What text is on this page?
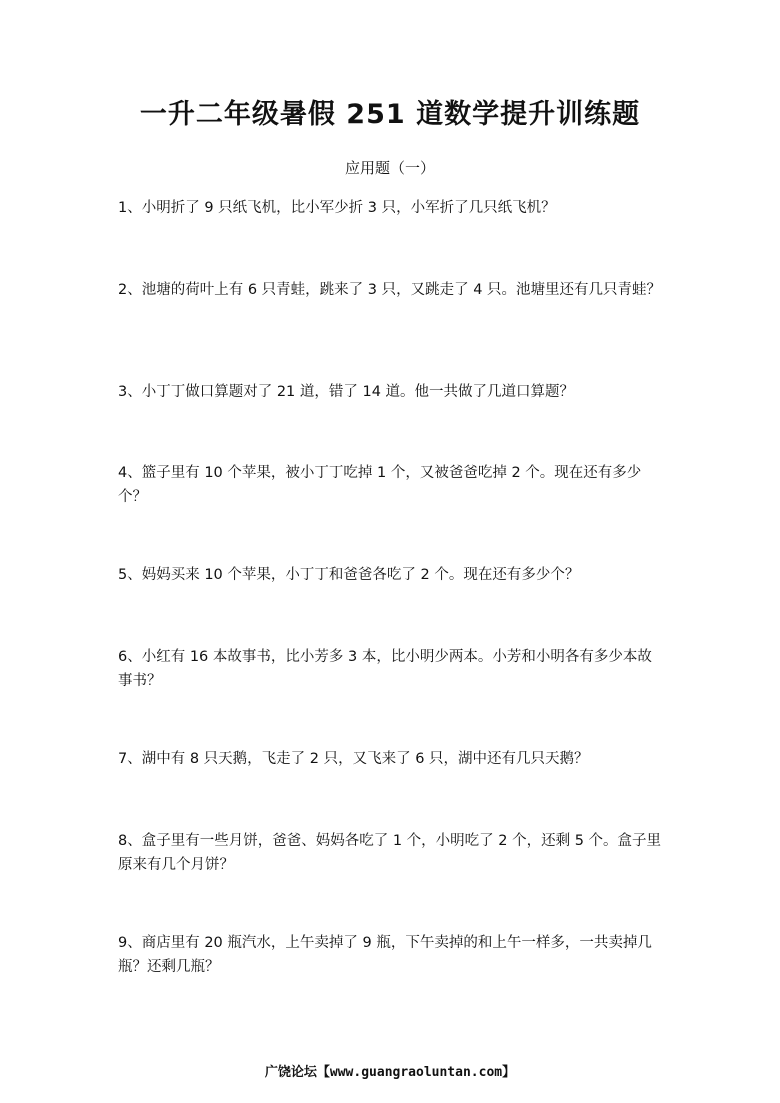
一升二年级暑假 251 道数学提升训练题
应用题（一）
1、小明折了 9 只纸飞机，比小军少折 3 只，小军折了几只纸飞机？
2、池塘的荷叶上有 6 只青蛙，跳来了 3 只，又跳走了 4 只。池塘里还有几只青蛙？
3、小丁丁做口算题对了 21 道，错了 14 道。他一共做了几道口算题？
4、篮子里有 10 个苹果，被小丁丁吃掉 1 个，又被爸爸吃掉 2 个。现在还有多少个？
5、妈妈买来 10 个苹果，小丁丁和爸爸各吃了 2 个。现在还有多少个？
6、小红有 16 本故事书，比小芳多 3 本，比小明少两本。小芳和小明各有多少本故事书？
7、湖中有 8 只天鹅，飞走了 2 只，又飞来了 6 只，湖中还有几只天鹅？
8、盒子里有一些月饼，爸爸、妈妈各吃了 1 个，小明吃了 2 个，还剩 5 个。盒子里原来有几个月饼？
9、商店里有 20 瓶汽水，上午卖掉了 9 瓶，下午卖掉的和上午一样多，一共卖掉几瓶？还剩几瓶？
广饶论坛【www.guangraoluntan.com】
